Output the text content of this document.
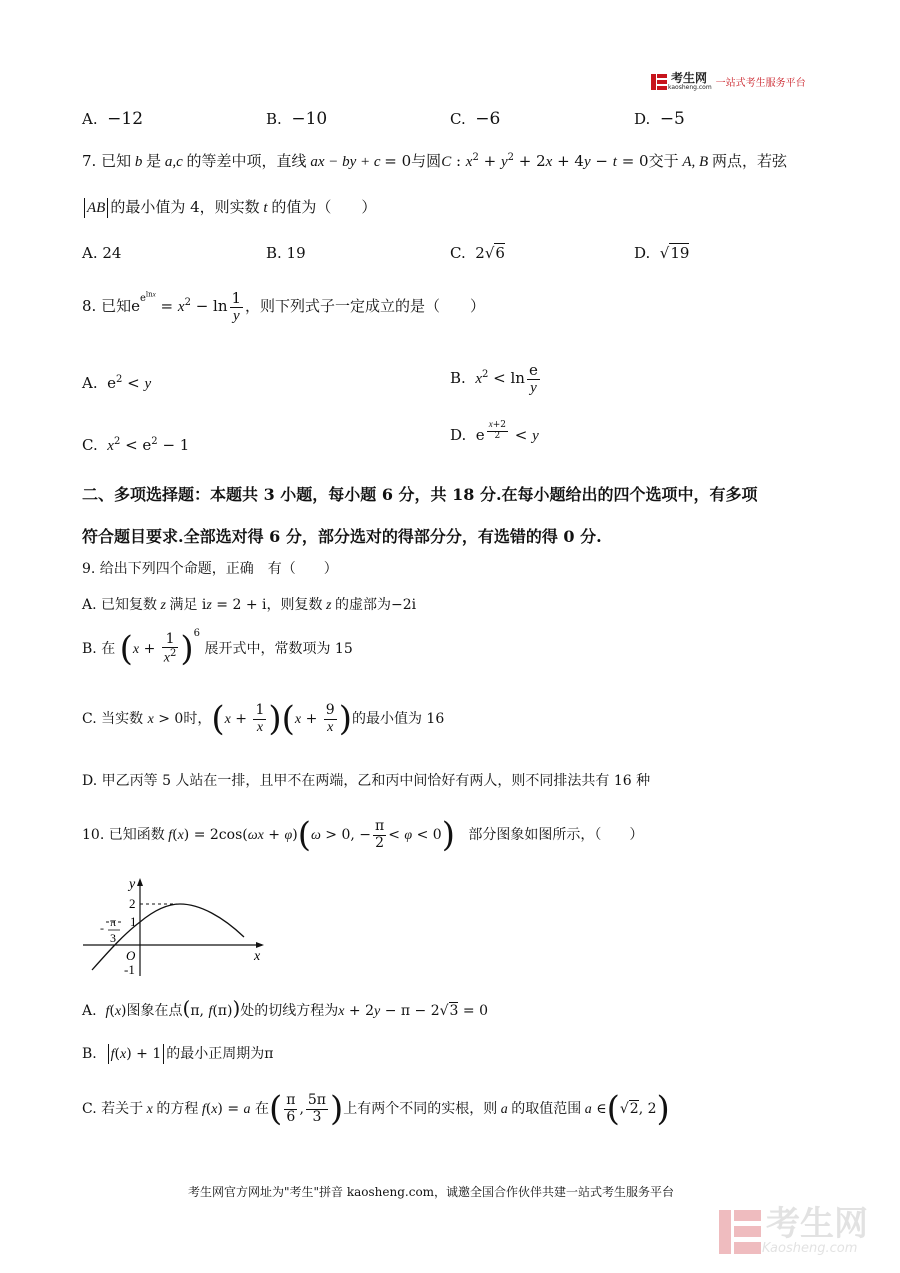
考生网
kaosheng.com 一站式考生服务平台
A. −12	B. −10	C. −6	D. −5
7. 已知 b 是 a,c 的等差中项，直线 ax − by + c = 0与圆C : $x^2 + y^2 + 2x + 4y - t = 0$交于 A, B 两点，若弦
AB 的最小值为 4，则实数 t 的值为（　　）
A. 24	B. 19	C. 2√6	D.  √19
8. 已知$e^{e^{lnx}} = x^2 - \ln \frac{1}{y}$ ，则下列式子一定成立的是（　　）
A.  $e^2 < y$	B. $x^2 < \ln \frac{e}{y}$
C. $x^2 < e^2 - 1$
D.  e $\frac{x+2}{2} < y$
二、多项选择题：本题共 3 小题，每小题 6 分，共 18 分.在每小题给出的四个选项中，有多项
符合题目要求.全部选对得 6 分，部分选对的得部分分，有选错的得 0 分.
9. 给出下列四个命题，正确　有（　　）
A. 已知复数 z 满足 iz = 2 + i，则复数 z 的虚部为−2i
B. 在 $(x + \frac{1}{x^2} )^6$ 展开式中，常数项为 15
C. 当实数 x > 0时，$(x + \frac{1}{x} )(x + \frac{9}{x}$ )的最小值为 16
D. 甲乙丙等 5 人站在一排，且甲不在两端，乙和丙中间恰好有两人，则不同排法共有 16 种
10. 已知函数 f(x) = 2cos(ωx + φ)(ω > 0, − $\frac{\pi}{2} < \varphi < 0$) 部分图象如图所示，（　　）
y
x
O
2
1
-1
- π
3
A. f(x)图象在点(π, f(π))处的切线方程为x + 2y − π − 2√3 = 0
B. f(x) + 1 的最小正周期为π
C. 若关于 x 的方程 f(x) = a 在( $\frac{\pi}{6}$ , $\frac{5\pi}{3}$ )上有两个不同的实根，则 a 的取值范围 a ∈(√2, 2)
考生网官方网址为"考生"拼音 kaosheng.com，诚邀全国合作伙伴共建一站式考生服务平台
考生网
Kaosheng.com
